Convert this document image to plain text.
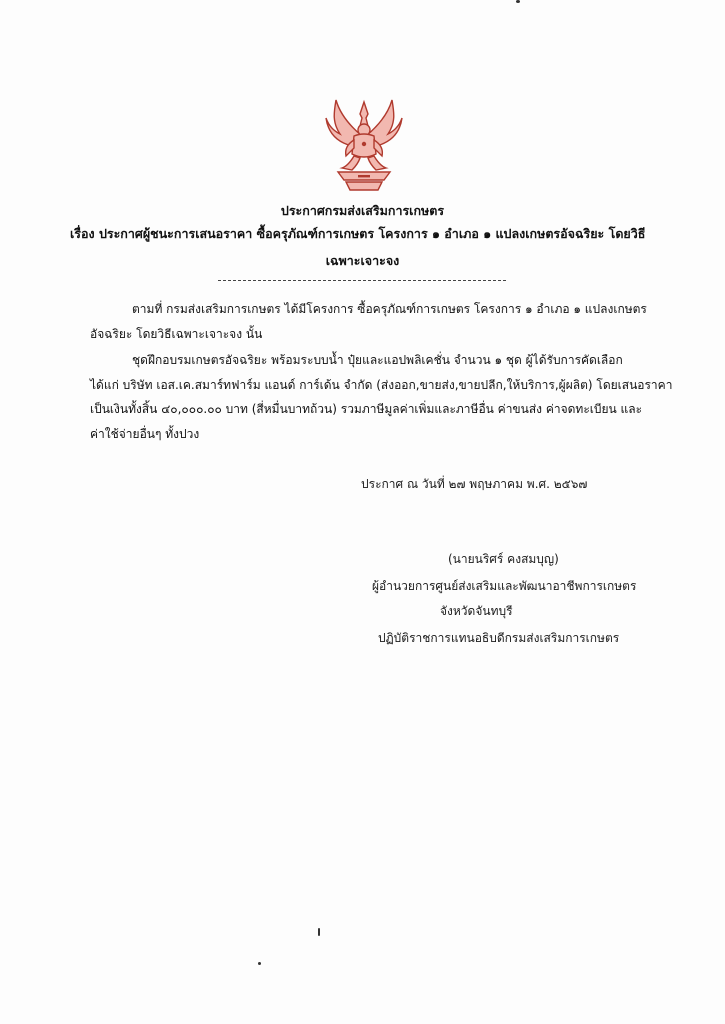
ประกาศกรมส่งเสริมการเกษตร
เรื่อง ประกาศผู้ชนะการเสนอราคา ซื้อครุภัณฑ์การเกษตร โครงการ ๑ อำเภอ ๑ แปลงเกษตรอัจฉริยะ โดยวิธี
เฉพาะเจาะจง
ตามที่ กรมส่งเสริมการเกษตร ได้มีโครงการ ซื้อครุภัณฑ์การเกษตร โครงการ ๑ อำเภอ ๑ แปลงเกษตร
อัจฉริยะ โดยวิธีเฉพาะเจาะจง นั้น
ชุดฝึกอบรมเกษตรอัจฉริยะ พร้อมระบบน้ำ ปุ๋ยและแอปพลิเคชั่น จำนวน ๑ ชุด ผู้ได้รับการคัดเลือก
ได้แก่ บริษัท เอส.เค.สมาร์ทฟาร์ม แอนด์ การ์เด้น จำกัด (ส่งออก,ขายส่ง,ขายปลีก,ให้บริการ,ผู้ผลิต) โดยเสนอราคา
เป็นเงินทั้งสิ้น ๔๐,๐๐๐.๐๐ บาท (สี่หมื่นบาทถ้วน) รวมภาษีมูลค่าเพิ่มและภาษีอื่น ค่าขนส่ง ค่าจดทะเบียน และ
ค่าใช้จ่ายอื่นๆ ทั้งปวง
ประกาศ ณ วันที่ ๒๗ พฤษภาคม พ.ศ. ๒๕๖๗
(นายนริศร์ คงสมบุญ)
ผู้อำนวยการศูนย์ส่งเสริมและพัฒนาอาชีพการเกษตร
จังหวัดจันทบุรี
ปฏิบัติราชการแทนอธิบดีกรมส่งเสริมการเกษตร
